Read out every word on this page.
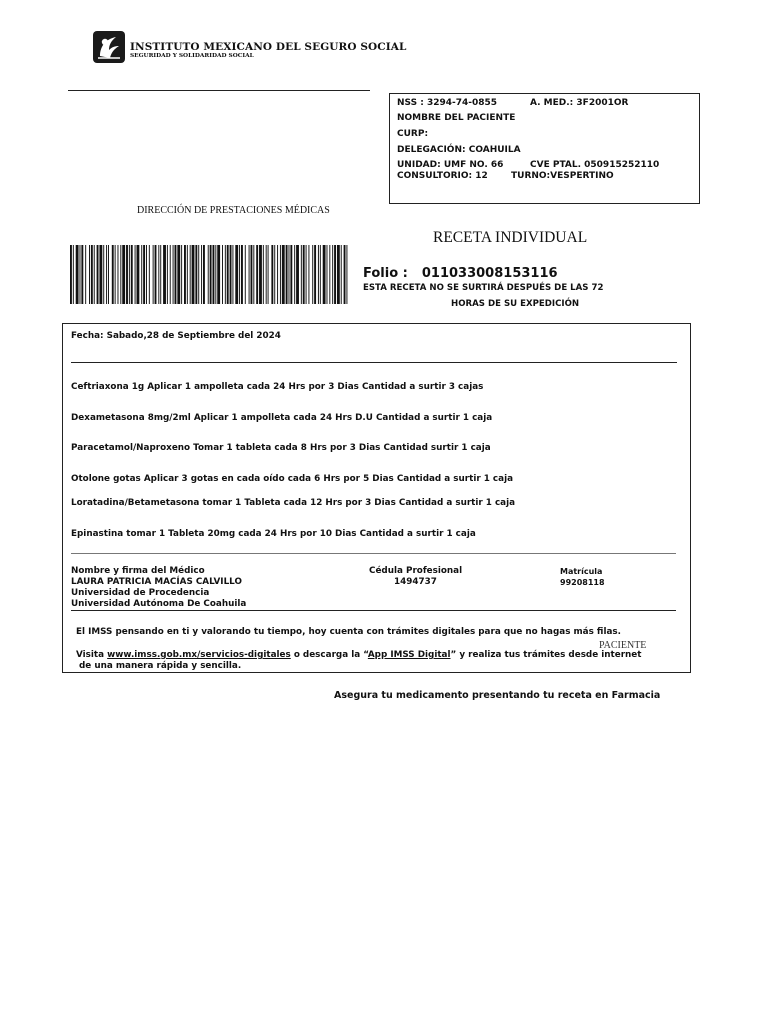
INSTITUTO MEXICANO DEL SEGURO SOCIAL
SEGURIDAD Y SOLIDARIDAD SOCIAL
NSS : 3294-74-0855	A. MED.: 3F2001OR
NOMBRE DEL PACIENTE
CURP:
DELEGACIÓN: COAHUILA
UNIDAD: UMF NO. 66	CVE PTAL. 050915252110
CONSULTORIO: 12	TURNO:VESPERTINO
DIRECCIÓN DE PRESTACIONES MÉDICAS
RECETA INDIVIDUAL
Folio : 011033008153116
ESTA RECETA NO SE SURTIRÁ DESPUÉS DE LAS 72
HORAS DE SU EXPEDICIÓN
Fecha: Sabado,28 de Septiembre del 2024
Ceftriaxona 1g Aplicar 1 ampolleta cada 24 Hrs por 3 Dias Cantidad a surtir 3 cajas
Dexametasona 8mg/2ml Aplicar 1 ampolleta cada 24 Hrs D.U Cantidad a surtir 1 caja
Paracetamol/Naproxeno Tomar 1 tableta cada 8 Hrs por 3 Dias Cantidad surtir 1 caja
Otolone gotas Aplicar 3 gotas en cada oído cada 6 Hrs por 5 Dias Cantidad a surtir 1 caja
Loratadina/Betametasona tomar 1 Tableta cada 12 Hrs por 3 Dias Cantidad a surtir 1 caja
Epinastina tomar 1 Tableta 20mg cada 24 Hrs por 10 Dias Cantidad a surtir 1 caja
Nombre y firma del Médico
LAURA PATRICIA MACÍAS CALVILLO
Universidad de Procedencia
Universidad Autónoma De Coahuila
Cédula Profesional
1494737
Matrícula
99208118
El IMSS pensando en ti y valorando tu tiempo, hoy cuenta con trámites digitales para que no hagas más filas.
PACIENTE
Visita www.imss.gob.mx/servicios-digitales o descarga la “App IMSS Digital” y realiza tus trámites desde internet
de una manera rápida y sencilla.
Asegura tu medicamento presentando tu receta en Farmacia
